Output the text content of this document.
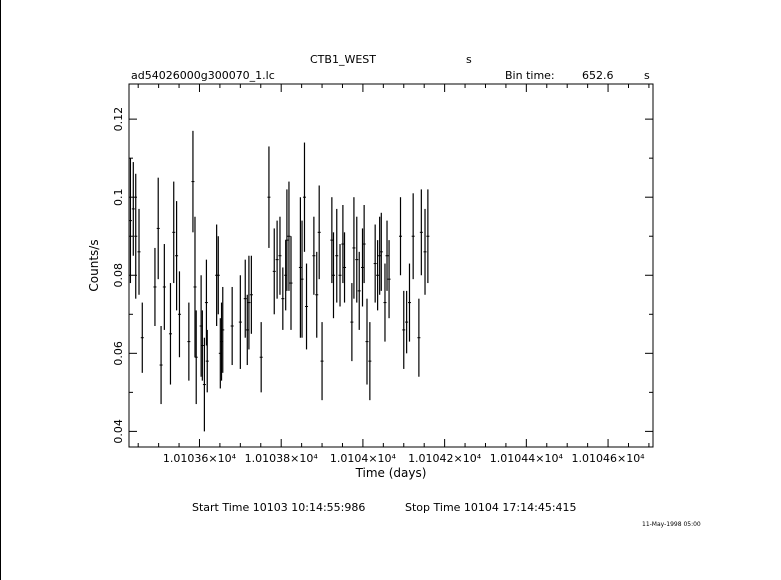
1.01036×10⁴ 1.01038×10⁴ 1.0104×10⁴ 1.01042×10⁴ 1.01044×10⁴ 1.01046×10⁴
0.04
0.06
0.08
0.1
0.12
Time (days)
Counts/s
CTB1_WEST	s
ad54026000g300070_1.lc	Bin time: 652.6	s
Start Time 10103 10:14:55:986	Stop Time 10104 17:14:45:415
11-May-1998 05:00
